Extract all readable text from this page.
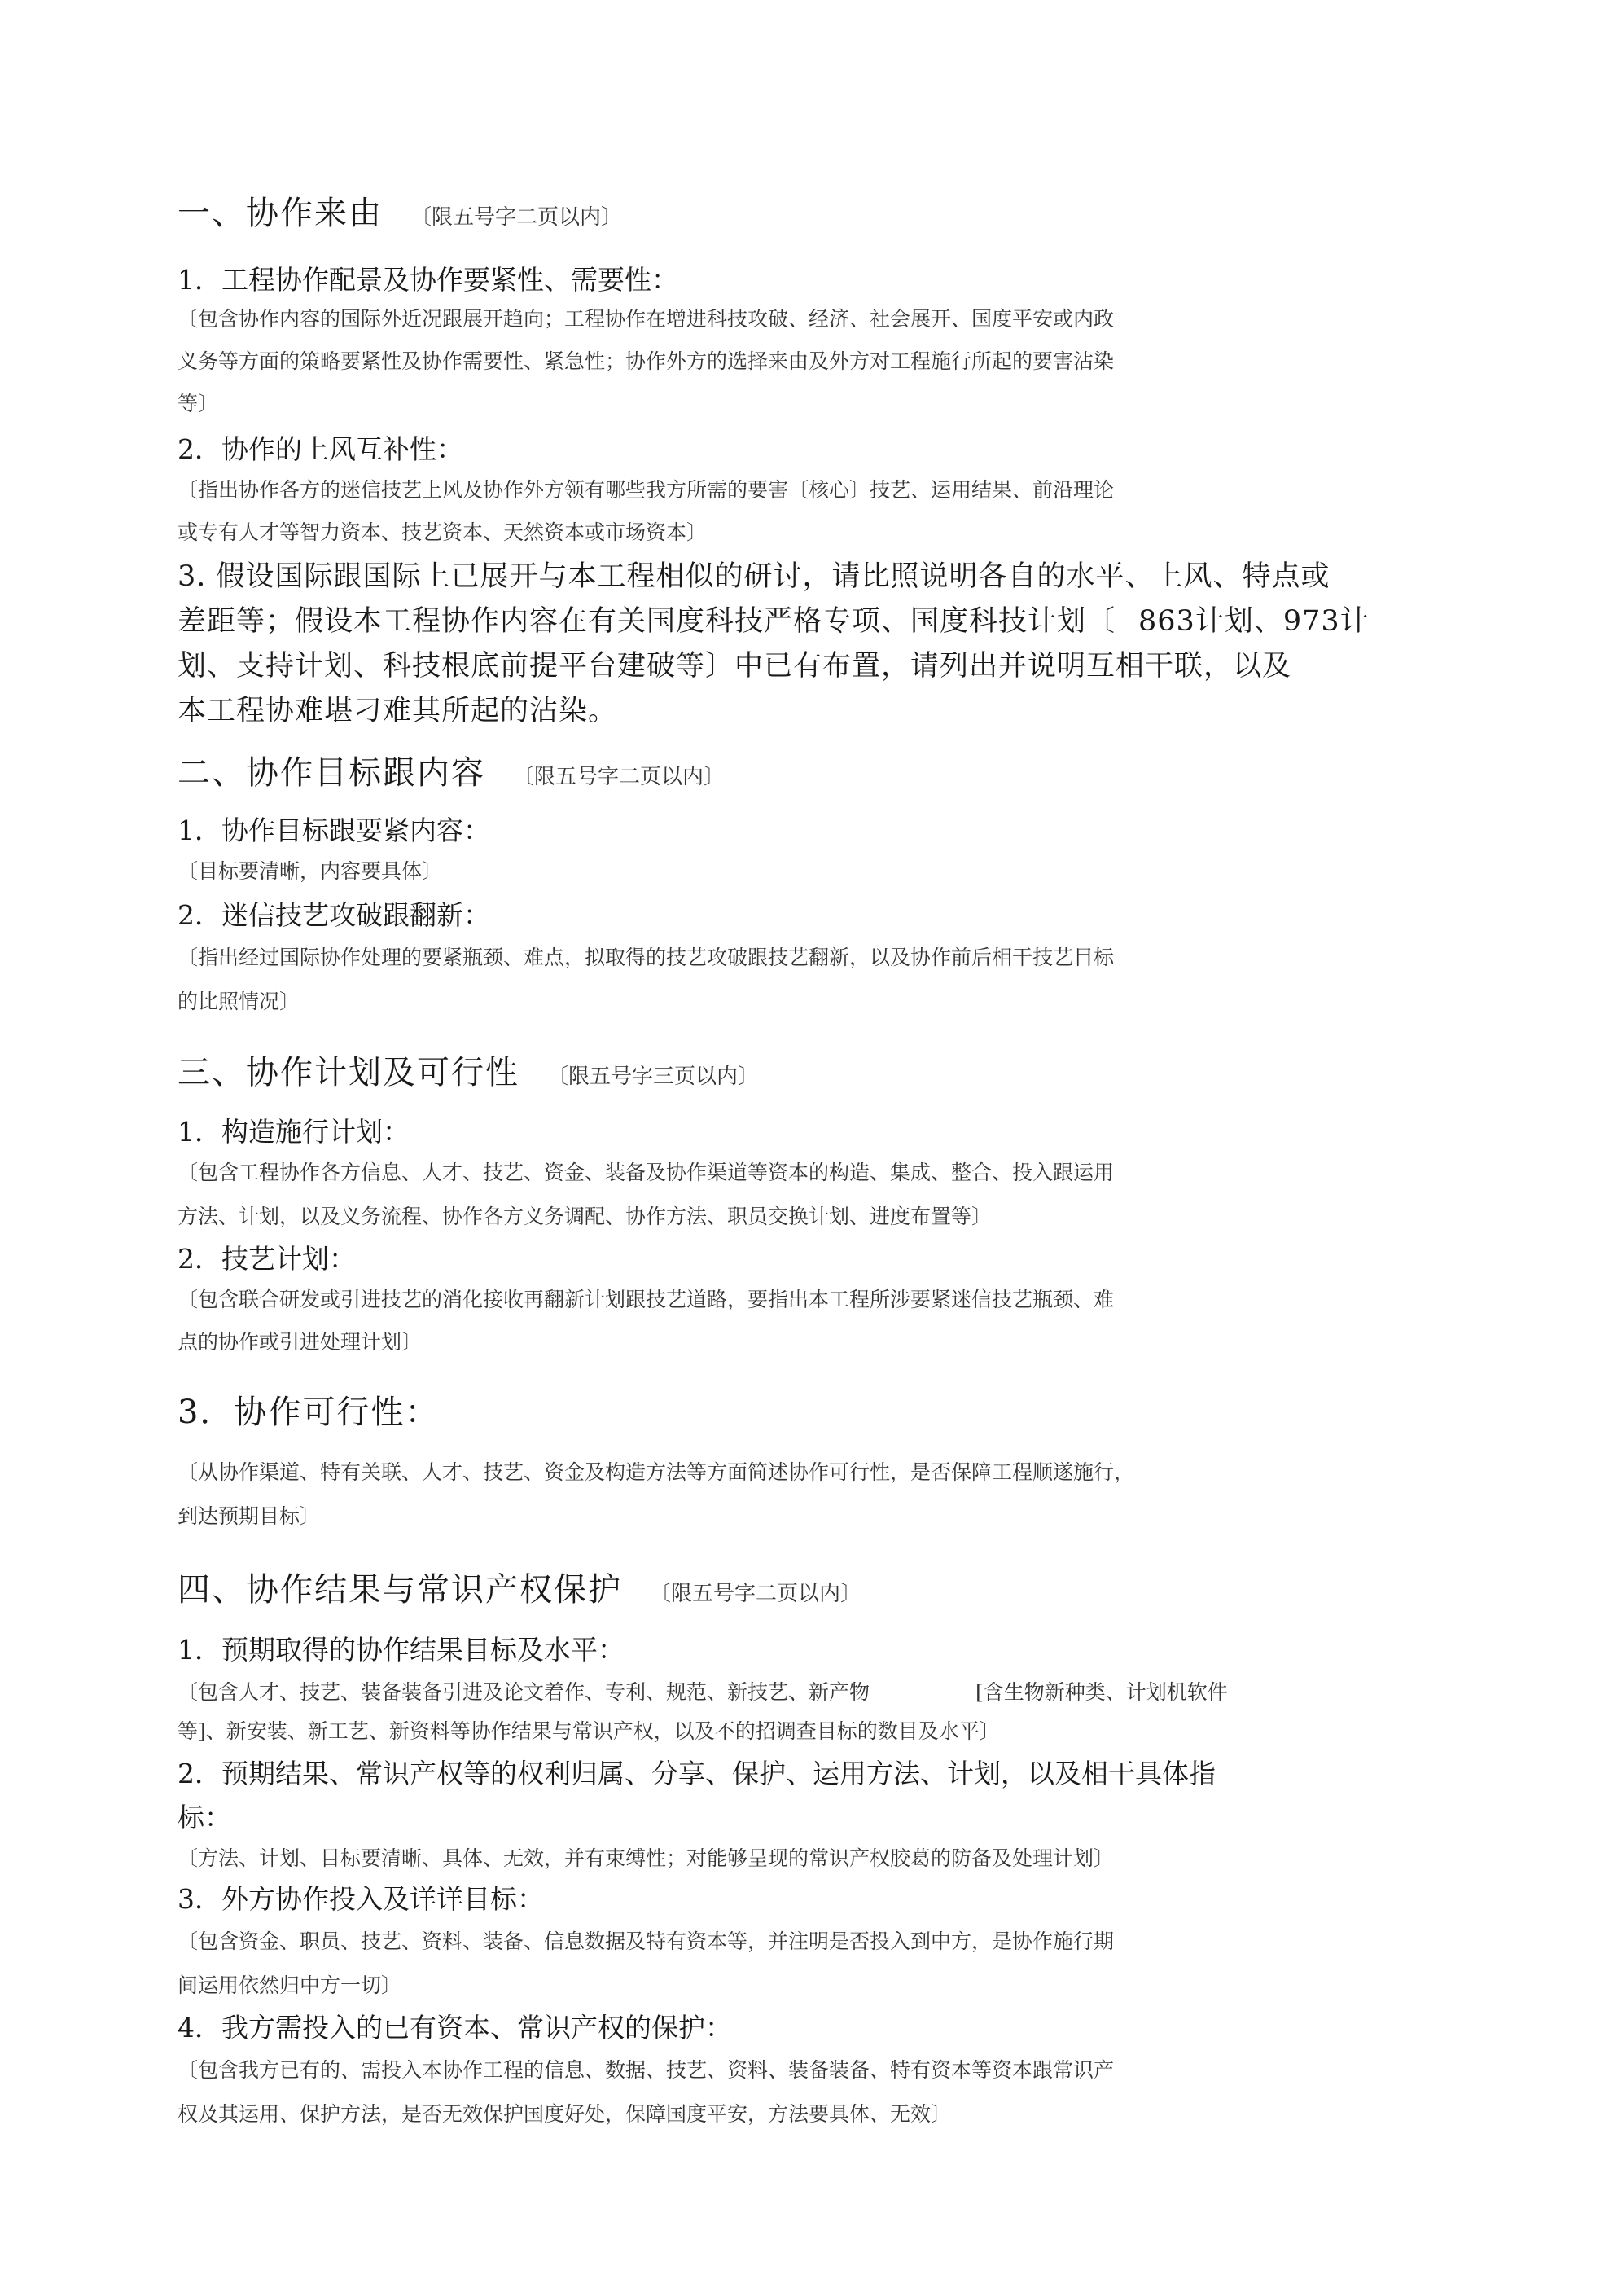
一、协作来由 〔限五号字二页以内〕
1．工程协作配景及协作要紧性、需要性：
〔包含协作内容的国际外近况跟展开趋向；工程协作在增进科技攻破、经济、社会展开、国度平安或内政
义务等方面的策略要紧性及协作需要性、紧急性；协作外方的选择来由及外方对工程施行所起的要害沾染
等〕
2．协作的上风互补性：
〔指出协作各方的迷信技艺上风及协作外方领有哪些我方所需的要害〔核心〕技艺、运用结果、前沿理论
或专有人才等智力资本、技艺资本、天然资本或市场资本〕
3. 假设国际跟国际上已展开与本工程相似的研讨，请比照说明各自的水平、上风、特点或
差距等；假设本工程协作内容在有关国度科技严格专项、国度科技计划〔 863计划、973计
划、支持计划、科技根底前提平台建破等〕中已有布置，请列出并说明互相干联，以及
本工程协难堪刁难其所起的沾染。
二、协作目标跟内容 〔限五号字二页以内〕
1．协作目标跟要紧内容：
〔目标要清晰，内容要具体〕
2．迷信技艺攻破跟翻新：
〔指出经过国际协作处理的要紧瓶颈、难点，拟取得的技艺攻破跟技艺翻新，以及协作前后相干技艺目标
的比照情况〕
三、协作计划及可行性 〔限五号字三页以内〕
1．构造施行计划：
〔包含工程协作各方信息、人才、技艺、资金、装备及协作渠道等资本的构造、集成、整合、投入跟运用
方法、计划，以及义务流程、协作各方义务调配、协作方法、职员交换计划、进度布置等〕
2．技艺计划：
〔包含联合研发或引进技艺的消化接收再翻新计划跟技艺道路，要指出本工程所涉要紧迷信技艺瓶颈、难
点的协作或引进处理计划〕
3．协作可行性：
〔从协作渠道、特有关联、人才、技艺、资金及构造方法等方面简述协作可行性，是否保障工程顺遂施行，
到达预期目标〕
四、协作结果与常识产权保护 〔限五号字二页以内〕
1．预期取得的协作结果目标及水平：
〔包含人才、技艺、装备装备引进及论文着作、专利、规范、新技艺、新产物	[含生物新种类、计划机软件
等]、新安装、新工艺、新资料等协作结果与常识产权，以及不的招调查目标的数目及水平〕
2．预期结果、常识产权等的权利归属、分享、保护、运用方法、计划，以及相干具体指
标：
〔方法、计划、目标要清晰、具体、无效，并有束缚性；对能够呈现的常识产权胶葛的防备及处理计划〕
3．外方协作投入及详详目标：
〔包含资金、职员、技艺、资料、装备、信息数据及特有资本等，并注明是否投入到中方，是协作施行期
间运用依然归中方一切〕
4．我方需投入的已有资本、常识产权的保护：
〔包含我方已有的、需投入本协作工程的信息、数据、技艺、资料、装备装备、特有资本等资本跟常识产
权及其运用、保护方法，是否无效保护国度好处，保障国度平安，方法要具体、无效〕
